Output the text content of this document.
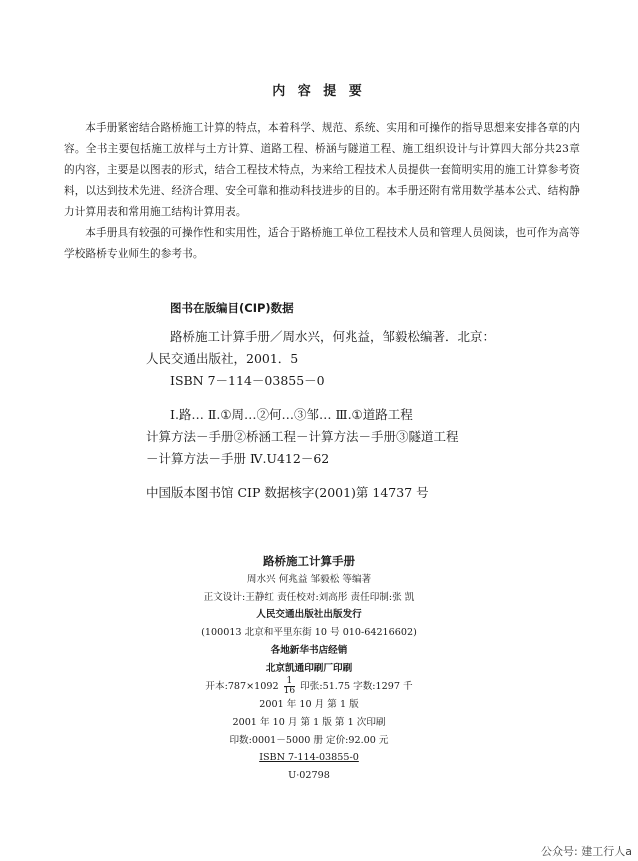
内 容 提 要

本手册紧密结合路桥施工计算的特点，本着科学、规范、系统、实用和可操作的指导思想来安排各章的内容。全书主要包括施工放样与土方计算、道路工程、桥涵与隧道工程、施工组织设计与计算四大部分共23章的内容，主要是以图表的形式，结合工程技术特点，为来给工程技术人员提供一套简明实用的施工计算参考资料，以达到技术先进、经济合理、安全可靠和推动科技进步的目的。本手册还附有常用数学基本公式、结构静力计算用表和常用施工结构计算用表。

本手册具有较强的可操作性和实用性，适合于路桥施工单位工程技术人员和管理人员阅读，也可作为高等学校路桥专业师生的参考书。

图书在版编目(CIP)数据
路桥施工计算手册／周水兴，何兆益，邹毅松编著．北京：
人民交通出版社，2001．5
ISBN 7－114－03855－0
Ⅰ.路… Ⅱ.①周…②何…③邹… Ⅲ.①道路工程
计算方法－手册②桥涵工程－计算方法－手册③隧道工程
－计算方法－手册 Ⅳ.U412－62
中国版本图书馆 CIP 数据核字(2001)第 14737 号
路桥施工计算手册
周水兴 何兆益 邹毅松 等编著
正文设计:王静红 责任校对:刘高彤 责任印制:张 凯
人民交通出版社出版发行
(100013 北京和平里东街 10 号 010-64216602)
各地新华书店经销
北京凯通印刷厂印刷
开本:787×1092 $\frac{1}{16}$ 印张:51.75 字数:1297 千
2001 年 10 月 第 1 版
2001 年 10 月 第 1 版 第 1 次印刷
印数:0001－5000 册 定价:92.00 元
ISBN 7-114-03855-0
U·02798
公众号: 建工行人a
